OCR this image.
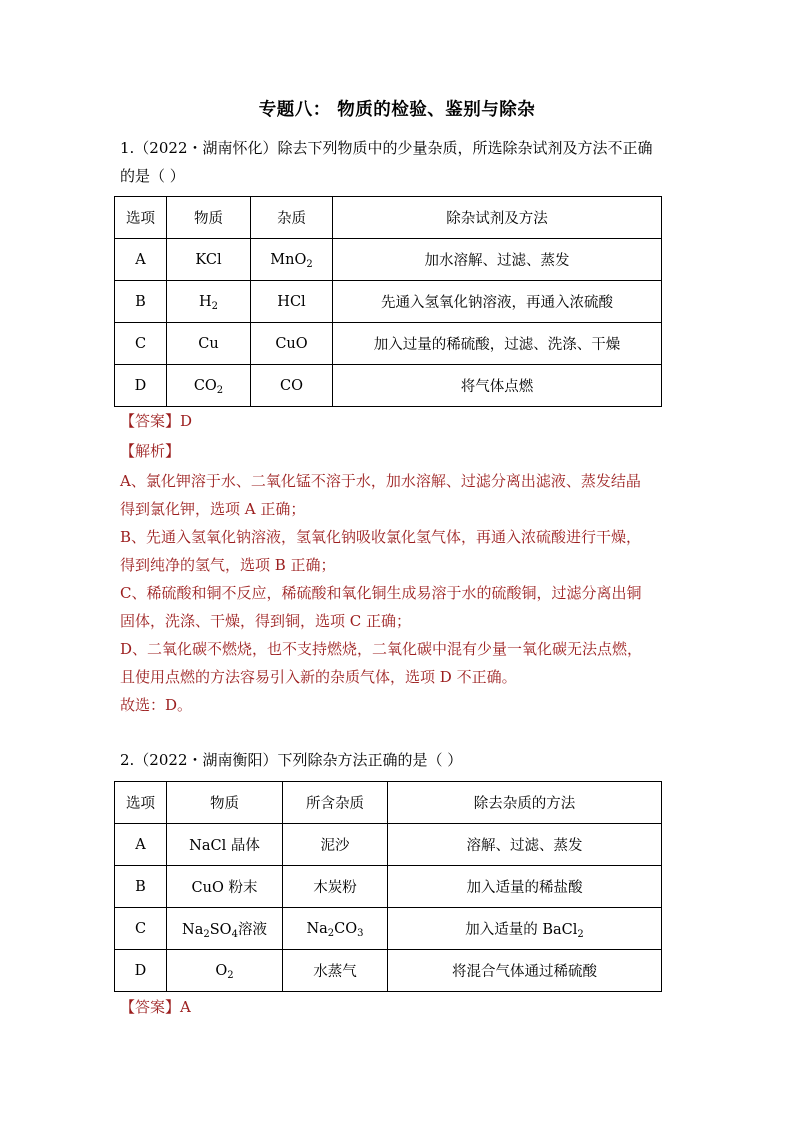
专题八： 物质的检验、鉴别与除杂
1.（2022・湖南怀化）除去下列物质中的少量杂质，所选除杂试剂及方法不正确
的是（ ）
选项	物质	杂质	除杂试剂及方法
A	KCl	MnO$_2$	加水溶解、过滤、蒸发
B	$H_2$	HCl	先通入氢氧化钠溶液，再通入浓硫酸
C	Cu	CuO	加入过量的稀硫酸，过滤、洗涤、干燥
D	$CO_2$	CO	将气体点燃
【答案】D
【解析】
A、氯化钾溶于水、二氧化锰不溶于水，加水溶解、过滤分离出滤液、蒸发结晶
得到氯化钾，选项 A 正确；
B、先通入氢氧化钠溶液，氢氧化钠吸收氯化氢气体，再通入浓硫酸进行干燥，
得到纯净的氢气，选项 B 正确；
C、稀硫酸和铜不反应，稀硫酸和氧化铜生成易溶于水的硫酸铜，过滤分离出铜
固体，洗涤、干燥，得到铜，选项 C 正确；
D、二氧化碳不燃烧，也不支持燃烧，二氧化碳中混有少量一氧化碳无法点燃，
且使用点燃的方法容易引入新的杂质气体，选项 D 不正确。
故选：D。
2.（2022・湖南衡阳）下列除杂方法正确的是（ ）
选项	物质	所含杂质	除去杂质的方法
A	NaCl 晶体	泥沙	溶解、过滤、蒸发
B	CuO 粉末	木炭粉	加入适量的稀盐酸
C	$Na_2SO_4$溶液	$Na_2CO_3$	加入适量的 BaCl$_2$
D	$O_2$	水蒸气	将混合气体通过稀硫酸
【答案】A
